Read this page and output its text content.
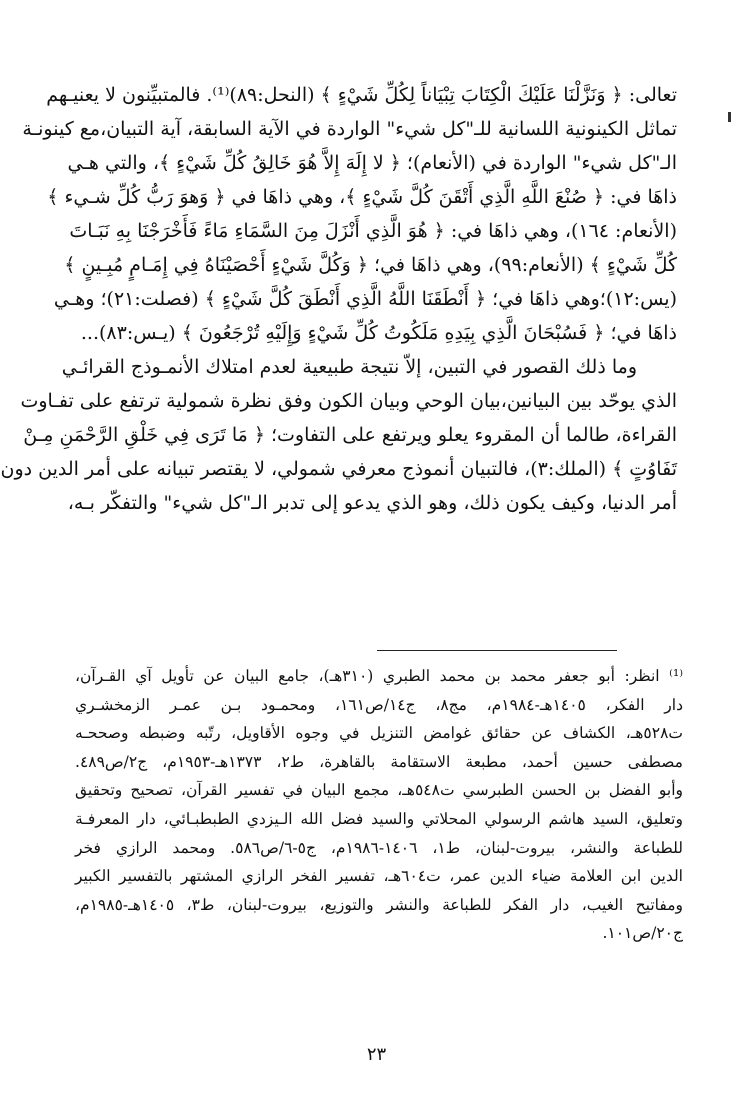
تعالى: ﴿ وَنَزَّلْنَا عَلَيْكَ الْكِتَابَ تِبْيَاناً لِكُلِّ شَيْءٍ ﴾ (النحل:٨٩)⁽¹⁾. فالمتبيِّنون لا يعنيـهم
تماثل الكينونية اللسانية للـ"كل شيء" الواردة في الآية السابقة، آية التبيان،مع كينونـة
الـ"كل شيء" الواردة في (الأنعام)؛ ﴿ لا إِلَهَ إِلاَّ هُوَ خَالِقُ كُلِّ شَيْءٍ ﴾، والتي هـي
ذاهَا في: ﴿ صُنْعَ اللَّهِ الَّذِي أَتْقَنَ كُلَّ شَيْءٍ ﴾، وهي ذاهَا في ﴿ وَهوَ رَبُّ كُلِّ شـيء ﴾
(الأنعام: ١٦٤)، وهي ذاهَا في: ﴿ هُوَ الَّذِي أَنْزَلَ مِنَ السَّمَاءِ مَاءً فَأَخْرَجْنَا بِهِ نَبَـاتَ
كُلِّ شَيْءٍ ﴾ (الأنعام:٩٩)، وهي ذاهَا في؛ ﴿ وَكُلَّ شَيْءٍ أَحْصَيْنَاهُ فِي إِمَـامٍ مُبِـينٍ ﴾
(يس:١٢)؛وهي ذاهَا في؛ ﴿ أَنْطَقَنَا اللَّهُ الَّذِي أَنْطَقَ كُلَّ شَيْءٍ ﴾ (فصلت:٢١)؛ وهـي
ذاهَا في؛ ﴿ فَسُبْحَانَ الَّذِي بِيَدِهِ مَلَكُوتُ كُلِّ شَيْءٍ وَإِلَيْهِ تُرْجَعُونَ ﴾ (يـس:٨٣)...
وما ذلك القصور في التبين، إلاّ نتيجة طبيعية لعدم امتلاك الأنمـوذج القرائـي
الذي يوحّد بين البيانين،بيان الوحي وبيان الكون وفق نظرة شمولية ترتفع على تفـاوت
القراءة، طالما أن المقروء يعلو ويرتفع على التفاوت؛ ﴿ مَا تَرَى فِي خَلْقِ الرَّحْمَنِ مِـنْ
تَفَاوُتٍ ﴾ (الملك:٣)، فالتبيان أنموذج معرفي شمولي، لا يقتصر تبيانه على أمر الدين دون
أمر الدنيا، وكيف يكون ذلك، وهو الذي يدعو إلى تدبر الـ"كل شيء" والتفكّر بـه،
⁽¹⁾ انظر: أبو جعفر محمد بن محمد الطبري (٣١٠هـ)، جامع البيان عن تأويل آي القـرآن،
دار الفكر، ١٤٠٥هـ-١٩٨٤م، مج٨، ج١٤/ص١٦١، ومحمـود بـن عمـر الزمخشـري
ت٥٢٨هـ، الكشاف عن حقائق غوامض التنزيل في وجوه الأقاويل، رتّبه وضبطه وصححـه
مصطفى حسين أحمد، مطبعة الاستقامة بالقاهرة، ط٢، ١٣٧٣هـ-١٩٥٣م، ج٢/ص٤٨٩.
وأبو الفضل بن الحسن الطبرسي ت٥٤٨هـ، مجمع البيان في تفسير القرآن، تصحيح وتحقيق
وتعليق، السيد هاشم الرسولي المحلاتي والسيد فضل الله الـيزدي الطبطبـائي، دار المعرفـة
للطباعة والنشر، بيروت-لبنان، ط١، ١٤٠٦-١٩٨٦م، ج٥-٦/ص٥٨٦. ومحمد الرازي فخر
الدين ابن العلامة ضياء الدين عمر، ت٦٠٤هـ، تفسير الفخر الرازي المشتهر بالتفسير الكبير
ومفاتيح الغيب، دار الفكر للطباعة والنشر والتوزيع، بيروت-لبنان، ط٣، ١٤٠٥هـ-١٩٨٥م،
ج٢٠/ص١٠١.
٢٣
